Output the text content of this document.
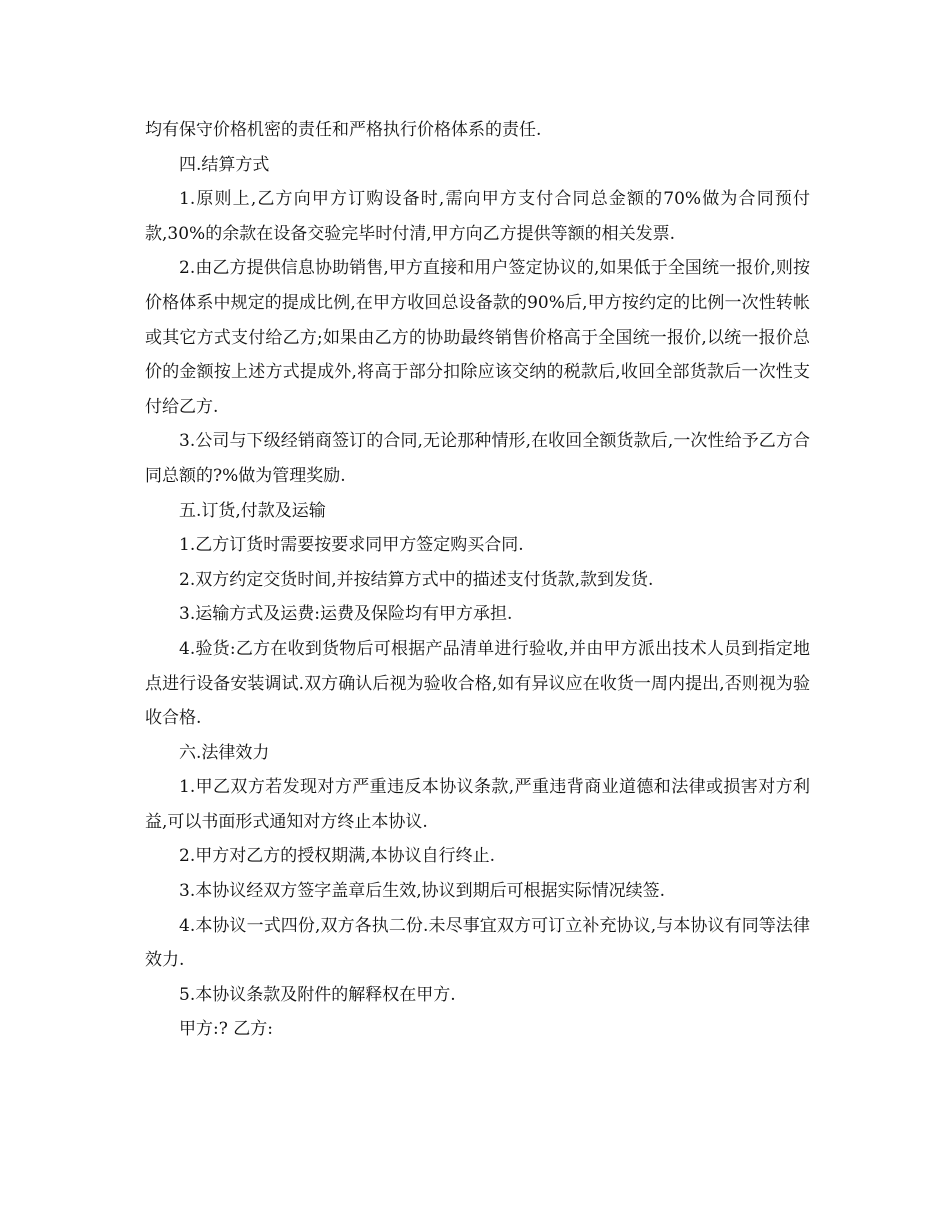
均有保守价格机密的责任和严格执行价格体系的责任.

四.结算方式

1.原则上,乙方向甲方订购设备时,需向甲方支付合同总金额的70%做为合同预付款,30%的余款在设备交验完毕时付清,甲方向乙方提供等额的相关发票.

2.由乙方提供信息协助销售,甲方直接和用户签定协议的,如果低于全国统一报价,则按价格体系中规定的提成比例,在甲方收回总设备款的90%后,甲方按约定的比例一次性转帐或其它方式支付给乙方;如果由乙方的协助最终销售价格高于全国统一报价,以统一报价总价的金额按上述方式提成外,将高于部分扣除应该交纳的税款后,收回全部货款后一次性支付给乙方.

3.公司与下级经销商签订的合同,无论那种情形,在收回全额货款后,一次性给予乙方合同总额的?%做为管理奖励.

五.订货,付款及运输

1.乙方订货时需要按要求同甲方签定购买合同.

2.双方约定交货时间,并按结算方式中的描述支付货款,款到发货.

3.运输方式及运费:运费及保险均有甲方承担.

4.验货:乙方在收到货物后可根据产品清单进行验收,并由甲方派出技术人员到指定地点进行设备安装调试.双方确认后视为验收合格,如有异议应在收货一周内提出,否则视为验收合格.

六.法律效力

1.甲乙双方若发现对方严重违反本协议条款,严重违背商业道德和法律或损害对方利益,可以书面形式通知对方终止本协议.

2.甲方对乙方的授权期满,本协议自行终止.

3.本协议经双方签字盖章后生效,协议到期后可根据实际情况续签.

4.本协议一式四份,双方各执二份.未尽事宜双方可订立补充协议,与本协议有同等法律效力.

5.本协议条款及附件的解释权在甲方.

甲方:? 乙方:
